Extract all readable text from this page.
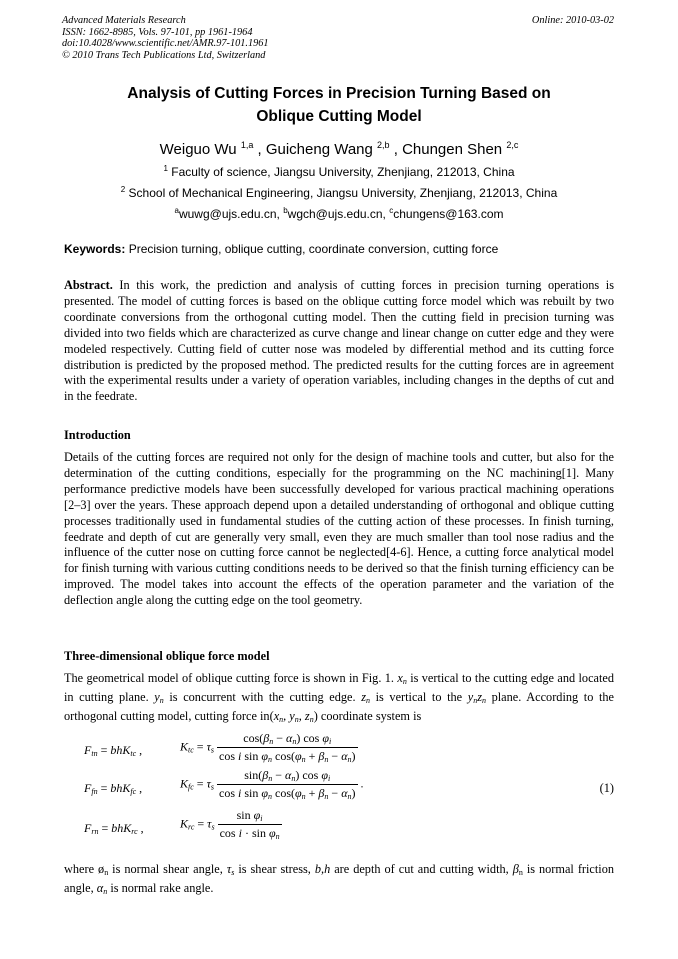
Advanced Materials Research
ISSN: 1662-8985, Vols. 97-101, pp 1961-1964
doi:10.4028/www.scientific.net/AMR.97-101.1961
© 2010 Trans Tech Publications Ltd, Switzerland
Online: 2010-03-02
Analysis of Cutting Forces in Precision Turning Based on
Oblique Cutting Model
Weiguo Wu $^{1,a}$ , Guicheng Wang $^{2,b}$ , Chungen Shen $^{2,c}$
$^1$ Faculty of science, Jiangsu University, Zhenjiang, 212013, China
$^2$ School of Mechanical Engineering, Jiangsu University, Zhenjiang, 212013, China
$^a$wuwg@ujs.edu.cn, $^b$wgch@ujs.edu.cn, $^c$chungens@163.com
Keywords: Precision turning, oblique cutting, coordinate conversion, cutting force
Abstract. In this work, the prediction and analysis of cutting forces in precision turning operations is presented. The model of cutting forces is based on the oblique cutting force model which was rebuilt by two coordinate conversions from the orthogonal cutting model. Then the cutting field in precision turning was divided into two fields which are characterized as curve change and linear change on cutter edge and they were modeled respectively. Cutting field of cutter nose was modeled by differential method and its cutting force distribution is predicted by the proposed method. The predicted results for the cutting forces are in agreement with the experimental results under a variety of operation variables, including changes in the depths of cut and in the feedrate.
Introduction
Details of the cutting forces are required not only for the design of machine tools and cutter, but also for the determination of the cutting conditions, especially for the programming on the NC machining[1]. Many performance predictive models have been successfully developed for various practical machining operations [2–3] over the years. These approach depend upon a detailed understanding of orthogonal and oblique cutting processes traditionally used in fundamental studies of the cutting action of these processes. In finish turning, feedrate and depth of cut are generally very small, even they are much smaller than tool nose radius and the influence of the cutter nose on cutting force cannot be neglected[4-6]. Hence, a cutting force analytical model for finish turning with various cutting conditions needs to be derived so that the finish turning efficiency can be improved. The model takes into account the effects of the operation parameter and the variation of the deflection angle along the cutting edge on the tool geometry.
Three-dimensional oblique force model
The geometrical model of oblique cutting force is shown in Fig. 1. $x_n$ is vertical to the cutting edge and located in cutting plane. $y_n$ is concurrent with the cutting edge. $z_n$ is vertical to the $y_nz_n$ plane. According to the orthogonal cutting model, cutting force $in(x_n$, $y_n$, $z_n$) coordinate system is
$F_{tn} = bhK_{tc}$ ,	$K_{tc} = \tau_s \frac{\cos(\beta_n - \alpha_n) \cos \varphi_i}{\cos i \sin \varphi_n \cos(\varphi_n + \beta_n - \alpha_n)}$
$F_{fn} = bhK_{fc}$ ,	$K_{fc} = \tau_s \frac{\sin(\beta_n - \alpha_n) \cos \varphi_i}{\cos i \sin \varphi_n \cos(\varphi_n + \beta_n - \alpha_n)}$ .
$F_{rn} = bhK_{rc}$ ,	$K_{rc} = \tau_s \frac{\sin \varphi_i}{\cos i \cdot \sin \varphi_n}$
(1)
where $ø_n$ is normal shear angle, $\tau_s$ is shear stress, b,h are depth of cut and cutting width, $\beta_n$ is normal friction angle, $\alpha_n$ is normal rake angle.
